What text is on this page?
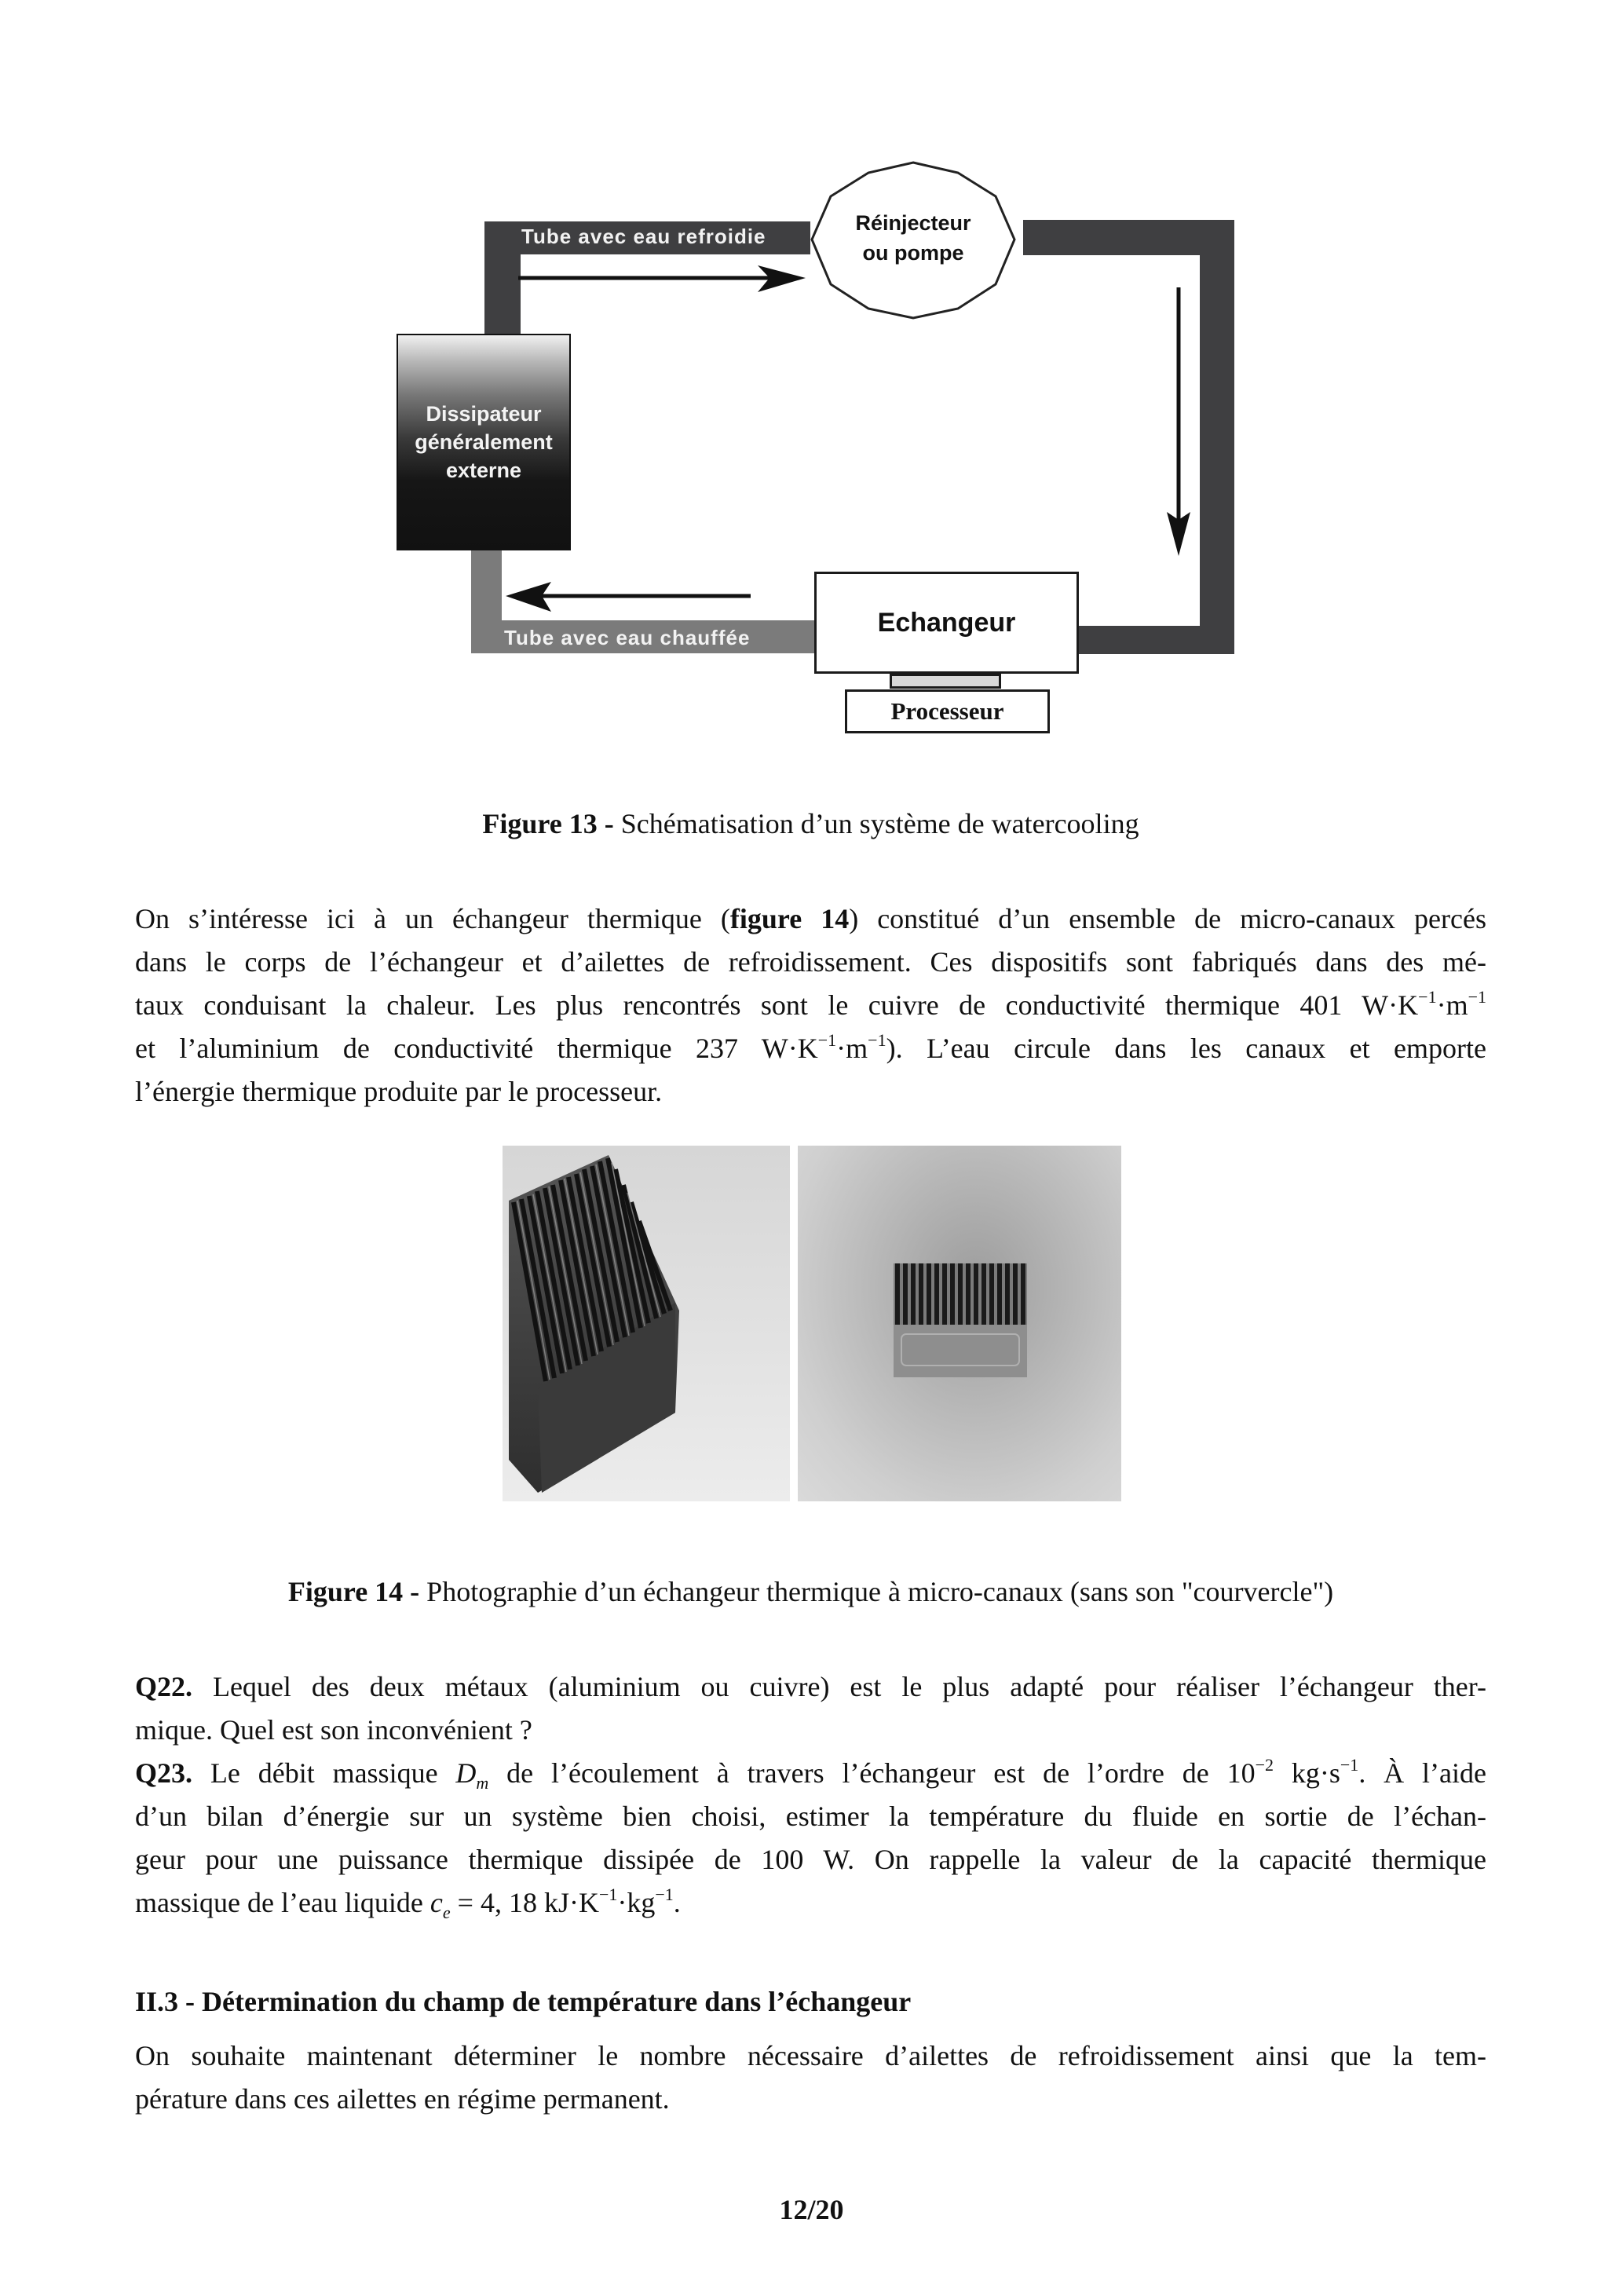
Tube avec eau refroidie
Tube avec eau chauffée
Réinjecteur
ou pompe
Dissipateur
généralement
externe
Echangeur
Processeur
Figure 13 - Schématisation d’un système de watercooling
On s’intéresse ici à un échangeur thermique (figure 14) constitué d’un ensemble de micro-canaux percés
dans le corps de l’échangeur et d’ailettes de refroidissement. Ces dispositifs sont fabriqués dans des mé-
taux conduisant la chaleur. Les plus rencontrés sont le cuivre de conductivité thermique 401 $W\cdot K^{-1}\cdot m^{-1}$
et l’aluminium de conductivité thermique 237 $W\cdot K^{-1}\cdot m^{-1}$). L’eau circule dans les canaux et emporte
l’énergie thermique produite par le processeur.
Figure 14 - Photographie d’un échangeur thermique à micro-canaux (sans son "courvercle")
Q22. Lequel des deux métaux (aluminium ou cuivre) est le plus adapté pour réaliser l’échangeur ther-
mique. Quel est son inconvénient ?
Q23. Le débit massique $D_m$ de l’écoulement à travers l’échangeur est de l’ordre de $10^{-2}$ $kg\cdot s^{-1}$. À l’aide
d’un bilan d’énergie sur un système bien choisi, estimer la température du fluide en sortie de l’échan-
geur pour une puissance thermique dissipée de 100 W. On rappelle la valeur de la capacité thermique
massique de l’eau liquide $c_e = 4$, 18 $kJ\cdot K^{-1}\cdot kg^{-1}$.
II.3 - Détermination du champ de température dans l’échangeur
On souhaite maintenant déterminer le nombre nécessaire d’ailettes de refroidissement ainsi que la tem-
pérature dans ces ailettes en régime permanent.
12/20
